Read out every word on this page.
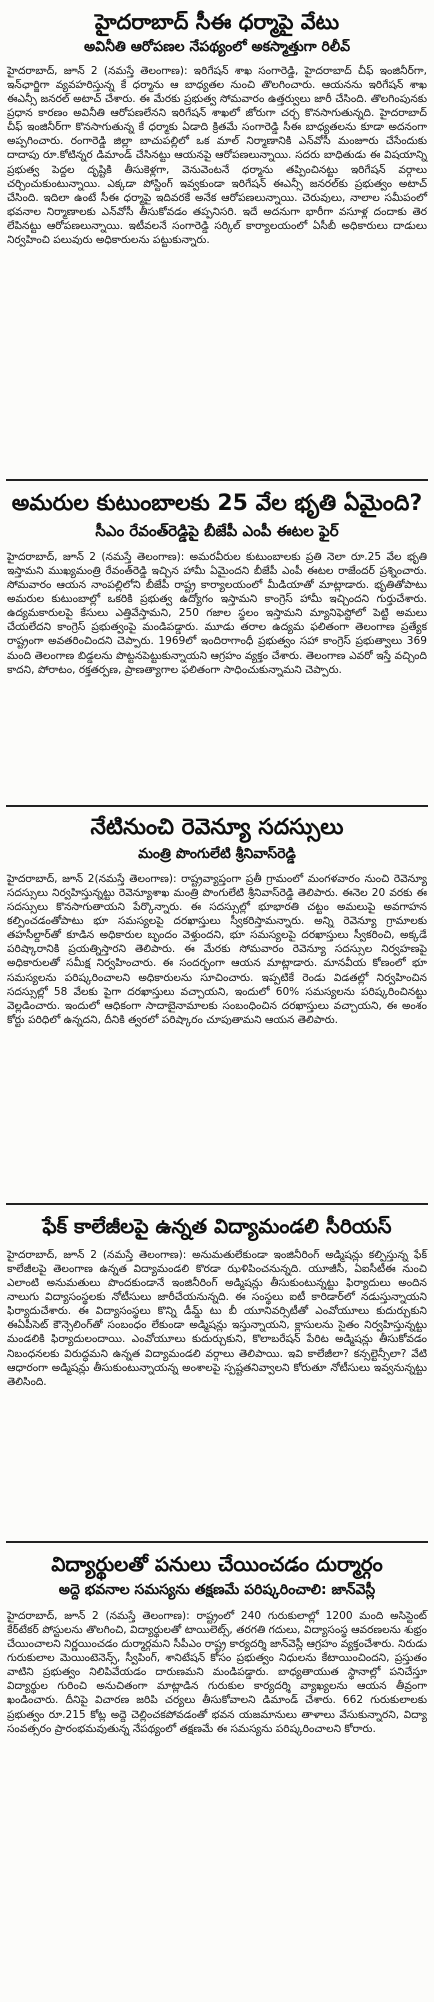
హైదరాబాద్ సీఈ ధర్మాపై వేటు
అవినీతి ఆరోపణల నేపథ్యంలో అకస్మాత్తుగా రిలీవ్

హైదరాబాద్, జూన్ 2 (నమస్తే తెలంగాణ): ఇరిగేషన్ శాఖ సంగారెడ్డి, హైదరాబాద్ చీఫ్ ఇంజినీర్‌గా, ఇన్‌ఛార్జిగా వ్యవహరిస్తున్న కే ధర్మాను ఆ బాధ్యతల నుంచి తొలగించారు. ఆయనను ఇరిగేషన్ శాఖ ఈఎన్సీ జనరల్ అటాచ్ చేశారు. ఈ మేరకు ప్రభుత్వ సోమవారం ఉత్తర్వులు జారీ చేసింది. తొలగింపునకు ప్రధాన కారణం అవినీతి ఆరోపణలేనని ఇరిగేషన్ శాఖలో జోరుగా చర్చ కొనసాగుతున్నది. హైదరాబాద్ చీఫ్ ఇంజినీర్‌గా కొనసాగుతున్న కే ధర్మాకు ఏడాది క్రితమే సంగారెడ్డి సీఈ బాధ్యతలను కూడా అదనంగా అప్పగించారు. రంగారెడ్డి జిల్లా బాచుపల్లిలో ఒక మాల్ నిర్మాణానికి ఎన్‌వోసీ మంజూరు చేసేందుకు దాదాపు రూ.కోటిన్నర డిమాండ్ చేసినట్టు ఆయనపై ఆరోపణలున్నాయి. సదరు బాధితుడు ఈ విషయాన్ని ప్రభుత్వ పెద్దల దృష్టికి తీసుకెళ్లగా, వెనువెంటనే ధర్మాను తప్పించినట్టు ఇరిగేషన్ వర్గాలు చర్చించుకుంటున్నాయి. ఎక్కడా పోస్టింగ్ ఇవ్వకుండా ఇరిగేషన్ ఈఎన్సీ జనరల్‌కు ప్రభుత్వం అటాచ్ చేసింది. ఇదిలా ఉంటే సీఈ ధర్మాపై ఇదివరకే అనేక ఆరోపణలున్నాయి. చెరువులు, నాలాల సమీపంలో భవనాల నిర్మాణాలకు ఎన్‌వోసీ తీసుకోవడం తప్పనిసరి. ఇదే అదనుగా భారీగా వసూళ్ల దందాకు తెర లేపినట్టు ఆరోపణలున్నాయి. ఇటీవలనే సంగారెడ్డి సర్కిల్ కార్యాలయంలో ఏసీబీ అధికారులు దాడులు నిర్వహించి పలువురు అధికారులను పట్టుకున్నారు.

అమరుల కుటుంబాలకు 25 వేల భృతి ఏమైంది?
సీఎం రేవంత్‌రెడ్డిపై బీజేపీ ఎంపీ ఈటల ఫైర్

హైదరాబాద్, జూన్ 2 (నమస్తే తెలంగాణ): అమరవీరుల కుటుంబాలకు ప్రతి నెలా రూ.25 వేల భృతి ఇస్తామని ముఖ్యమంత్రి రేవంత్‌రెడ్డి ఇచ్చిన హామీ ఏమైందని బీజేపీ ఎంపీ ఈటల రాజేందర్ ప్రశ్నించారు. సోమవారం ఆయన నాంపల్లిలోని బీజేపీ రాష్ట్ర కార్యాలయంలో మీడియాతో మాట్లాడారు. భృతితోపాటు అమరుల కుటుంబాల్లో ఒకరికి ప్రభుత్వ ఉద్యోగం ఇస్తామని కాంగ్రెస్ హామీ ఇచ్చిందని గుర్తుచేశారు. ఉద్యమకారులపై కేసులు ఎత్తివేస్తామని, 250 గజాల స్థలం ఇస్తామని మ్యానిఫెస్టోలో పెట్టి అమలు చేయలేదని కాంగ్రెస్ ప్రభుత్వంపై మండిపడ్డారు. మూడు తరాల ఉద్యమ ఫలితంగా తెలంగాణ ప్రత్యేక రాష్ట్రంగా అవతరించిందని చెప్పారు. 1969లో ఇందిరాగాంధీ ప్రభుత్వం సహా కాంగ్రెస్ ప్రభుత్వాలు 369 మంది తెలంగాణ బిడ్డలను పొట్టనపెట్టుకున్నాయని ఆగ్రహం వ్యక్తం చేశారు. తెలంగాణ ఎవరో ఇస్తే వచ్చింది కాదని, పోరాటం, రక్తతర్పణ, ప్రాణత్యాగాల ఫలితంగా సాధించుకున్నామని చెప్పారు.

నేటినుంచి రెవెన్యూ సదస్సులు
మంత్రి పొంగులేటి శ్రీనివాస్‌రెడ్డి

హైదరాబాద్, జూన్ 2(నమస్తే తెలంగాణ): రాష్ట్రవ్యాప్తంగా ప్రతీ గ్రామంలో మంగళవారం నుంచి రెవెన్యూ సదస్సులు నిర్వహిస్తున్నట్టు రెవెన్యూశాఖ మంత్రి పొంగులేటి శ్రీనివాస్‌రెడ్డి తెలిపారు. ఈనెల 20 వరకు ఈ సదస్సులు కొనసాగుతాయని పేర్కొన్నారు. ఈ సదస్సుల్లో భూభారతి చట్టం అమలుపై అవగాహన కల్పించడంతోపాటు భూ సమస్యలపై దరఖాస్తులు స్వీకరిస్తామన్నారు. అన్ని రెవెన్యూ గ్రామాలకు తహసీల్దార్‌తో కూడిన అధికారుల బృందం వెళ్తుందని, భూ సమస్యలపై దరఖాస్తులు స్వీకరించి, అక్కడే పరిష్కారానికి ప్రయత్నిస్తారని తెలిపారు. ఈ మేరకు సోమవారం రెవెన్యూ సదస్సుల నిర్వహణపై అధికారులతో సమీక్ష నిర్వహించారు. ఈ సందర్భంగా ఆయన మాట్లాడారు. మానవీయ కోణంలో భూ సమస్యలను పరిష్కరించాలని అధికారులను సూచించారు. ఇప్పటికే రెండు విడతల్లో నిర్వహించిన సదస్సుల్లో 58 వేలకు పైగా దరఖాస్తులు వచ్చాయని, ఇందులో 60% సమస్యలను పరిష్కరించినట్టు వెల్లడించారు. ఇందులో ఆధికంగా సాదాబైనామాలకు సంబంధించిన దరఖాస్తులు వచ్చాయని, ఈ అంశం కోర్టు పరిధిలో ఉన్నదని, దీనికి త్వరలో పరిష్కారం చూపుతామని ఆయన తెలిపారు.

ఫేక్ కాలేజీలపై ఉన్నత విద్యామండలి సీరియస్

హైదరాబాద్, జూన్ 2 (నమస్తే తెలంగాణ): అనుమతులేకుండా ఇంజినీరింగ్ అడ్మిషన్లు కల్పిస్తున్న ఫేక్ కాలేజీలపై తెలంగాణ ఉన్నత విద్యామండలి కొరడా ఝళిపించనున్నది. యూజీసీ, ఏఐసీటీఈ నుంచి ఎలాంటి అనుమతులు పొందకుండానే ఇంజినీరింగ్ అడ్మిషన్లు తీసుకుంటున్నట్టు ఫిర్యాదులు అందిన నాలుగు విద్యాసంస్థలకు నోటీసులు జారీచేయనున్నది. ఈ సంస్థలు ఐటీ కారిడార్‌లో నడుస్తున్నాయని ఫిర్యాదుచేశారు. ఈ విద్యాసంస్థలు కొన్ని డీమ్డ్ టు బీ యూనివర్సిటీతో ఎంవోయూలు కుదుర్చుకుని ఈఏపీసెట్ కౌన్సెలింగ్‌తో సంబంధం లేకుండా అడ్మిషన్లు ఇస్తున్నాయని, క్లాసులను సైతం నిర్వహిస్తున్నట్టు మండలికి ఫిర్యాదులందాయి. ఎంవోయూలు కుదుర్చుకుని, కొలాబరేషన్ పేరిట అడ్మిషన్లు తీసుకోవడం నిబంధనలకు విరుద్ధమని ఉన్నత విద్యామండలి వర్గాలు తెలిపాయి. ఇవి కాలేజీలా? కన్సల్టెన్సీలా? వేటి ఆధారంగా అడ్మిషన్లు తీసుకుంటున్నాయన్న అంశాలపై స్పష్టతనివ్వాలని కోరుతూ నోటీసులు ఇవ్వనున్నట్టు తెలిసింది.

విద్యార్థులతో పనులు చేయించడం దుర్మార్గం
అద్దె భవనాల సమస్యను తక్షణమే పరిష్కరించాలి: జాన్‌వెస్లీ

హైదరాబాద్, జూన్ 2 (నమస్తే తెలంగాణ): రాష్ట్రంలో 240 గురుకులాల్లో 1200 మంది అసిస్టెంట్ కేర్‌టేకర్ పోస్టులను తొలగించి, విద్యార్థులతో టాయిలెట్స్, తరగతి గదులు, విద్యాసంస్థ ఆవరణలను శుభ్రం చేయించాలని నిర్ణయించడం దుర్మార్గమని సీపీఎం రాష్ట్ర కార్యదర్శి జాన్‌వెస్లీ ఆగ్రహం వ్యక్తంచేశారు. నిరుడు గురుకులాల మెయింటెనెన్స్, స్వీపింగ్, శానిటేషన్ కోసం ప్రభుత్వం నిధులను కేటాయించిందని, ప్రస్తుతం వాటిని ప్రభుత్వం నిలిపివేయడం దారుణమని మండిపడ్డారు. బాధ్యతాయుత స్థానాల్లో పనిచేస్తూ విద్యార్థుల గురించి అనుచితంగా మాట్లాడిన గురుకుల కార్యదర్శి వ్యాఖ్యలను ఆయన తీవ్రంగా ఖండించారు. దీనిపై విచారణ జరిపి చర్యలు తీసుకోవాలని డిమాండ్ చేశారు. 662 గురుకులాలకు ప్రభుత్వం రూ.215 కోట్ల అద్దె చెల్లించకపోవడంతో భవన యజమానులు తాళాలు వేసుకున్నారని, విద్యా సంవత్సరం ప్రారంభమవుతున్న నేపథ్యంలో తక్షణమే ఈ సమస్యను పరిష్కరించాలని కోరారు.
